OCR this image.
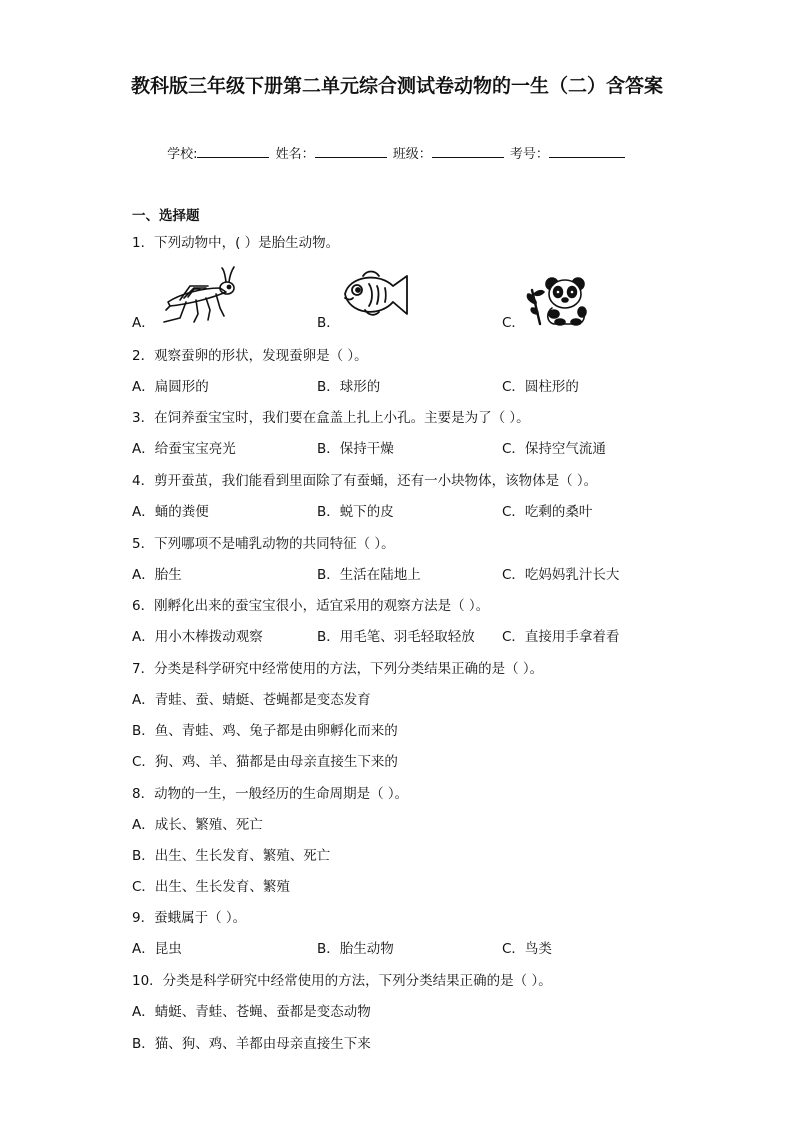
教科版三年级下册第二单元综合测试卷动物的一生（二）含答案
学校:	姓名：	班级：	考号：
一、选择题
1．下列动物中，( ）是胎生动物。
A．	B．	C．
2．观察蚕卵的形状，发现蚕卵是（ ）。
A．扁圆形的	B．球形的	C．圆柱形的
3．在饲养蚕宝宝时，我们要在盒盖上扎上小孔。主要是为了（ ）。
A．给蚕宝宝亮光	B．保持干燥	C．保持空气流通
4．剪开蚕茧，我们能看到里面除了有蚕蛹，还有一小块物体，该物体是（ ）。
A．蛹的粪便	B．蜕下的皮	C．吃剩的桑叶
5．下列哪项不是哺乳动物的共同特征（ ）。
A．胎生	B．生活在陆地上	C．吃妈妈乳汁长大
6．刚孵化出来的蚕宝宝很小，适宜采用的观察方法是（ ）。
A．用小木棒拨动观察	B．用毛笔、羽毛轻取轻放 C．直接用手拿着看
7．分类是科学研究中经常使用的方法，下列分类结果正确的是（ ）。
A．青蛙、蚕、蜻蜓、苍蝇都是变态发育
B．鱼、青蛙、鸡、兔子都是由卵孵化而来的
C．狗、鸡、羊、猫都是由母亲直接生下来的
8．动物的一生，一般经历的生命周期是（ ）。
A．成长、繁殖、死亡
B．出生、生长发育、繁殖、死亡
C．出生、生长发育、繁殖
9．蚕蛾属于（ ）。
A．昆虫	B．胎生动物	C．鸟类
10．分类是科学研究中经常使用的方法，下列分类结果正确的是（ ）。
A．蜻蜓、青蛙、苍蝇、蚕都是变态动物
B．猫、狗、鸡、羊都由母亲直接生下来
